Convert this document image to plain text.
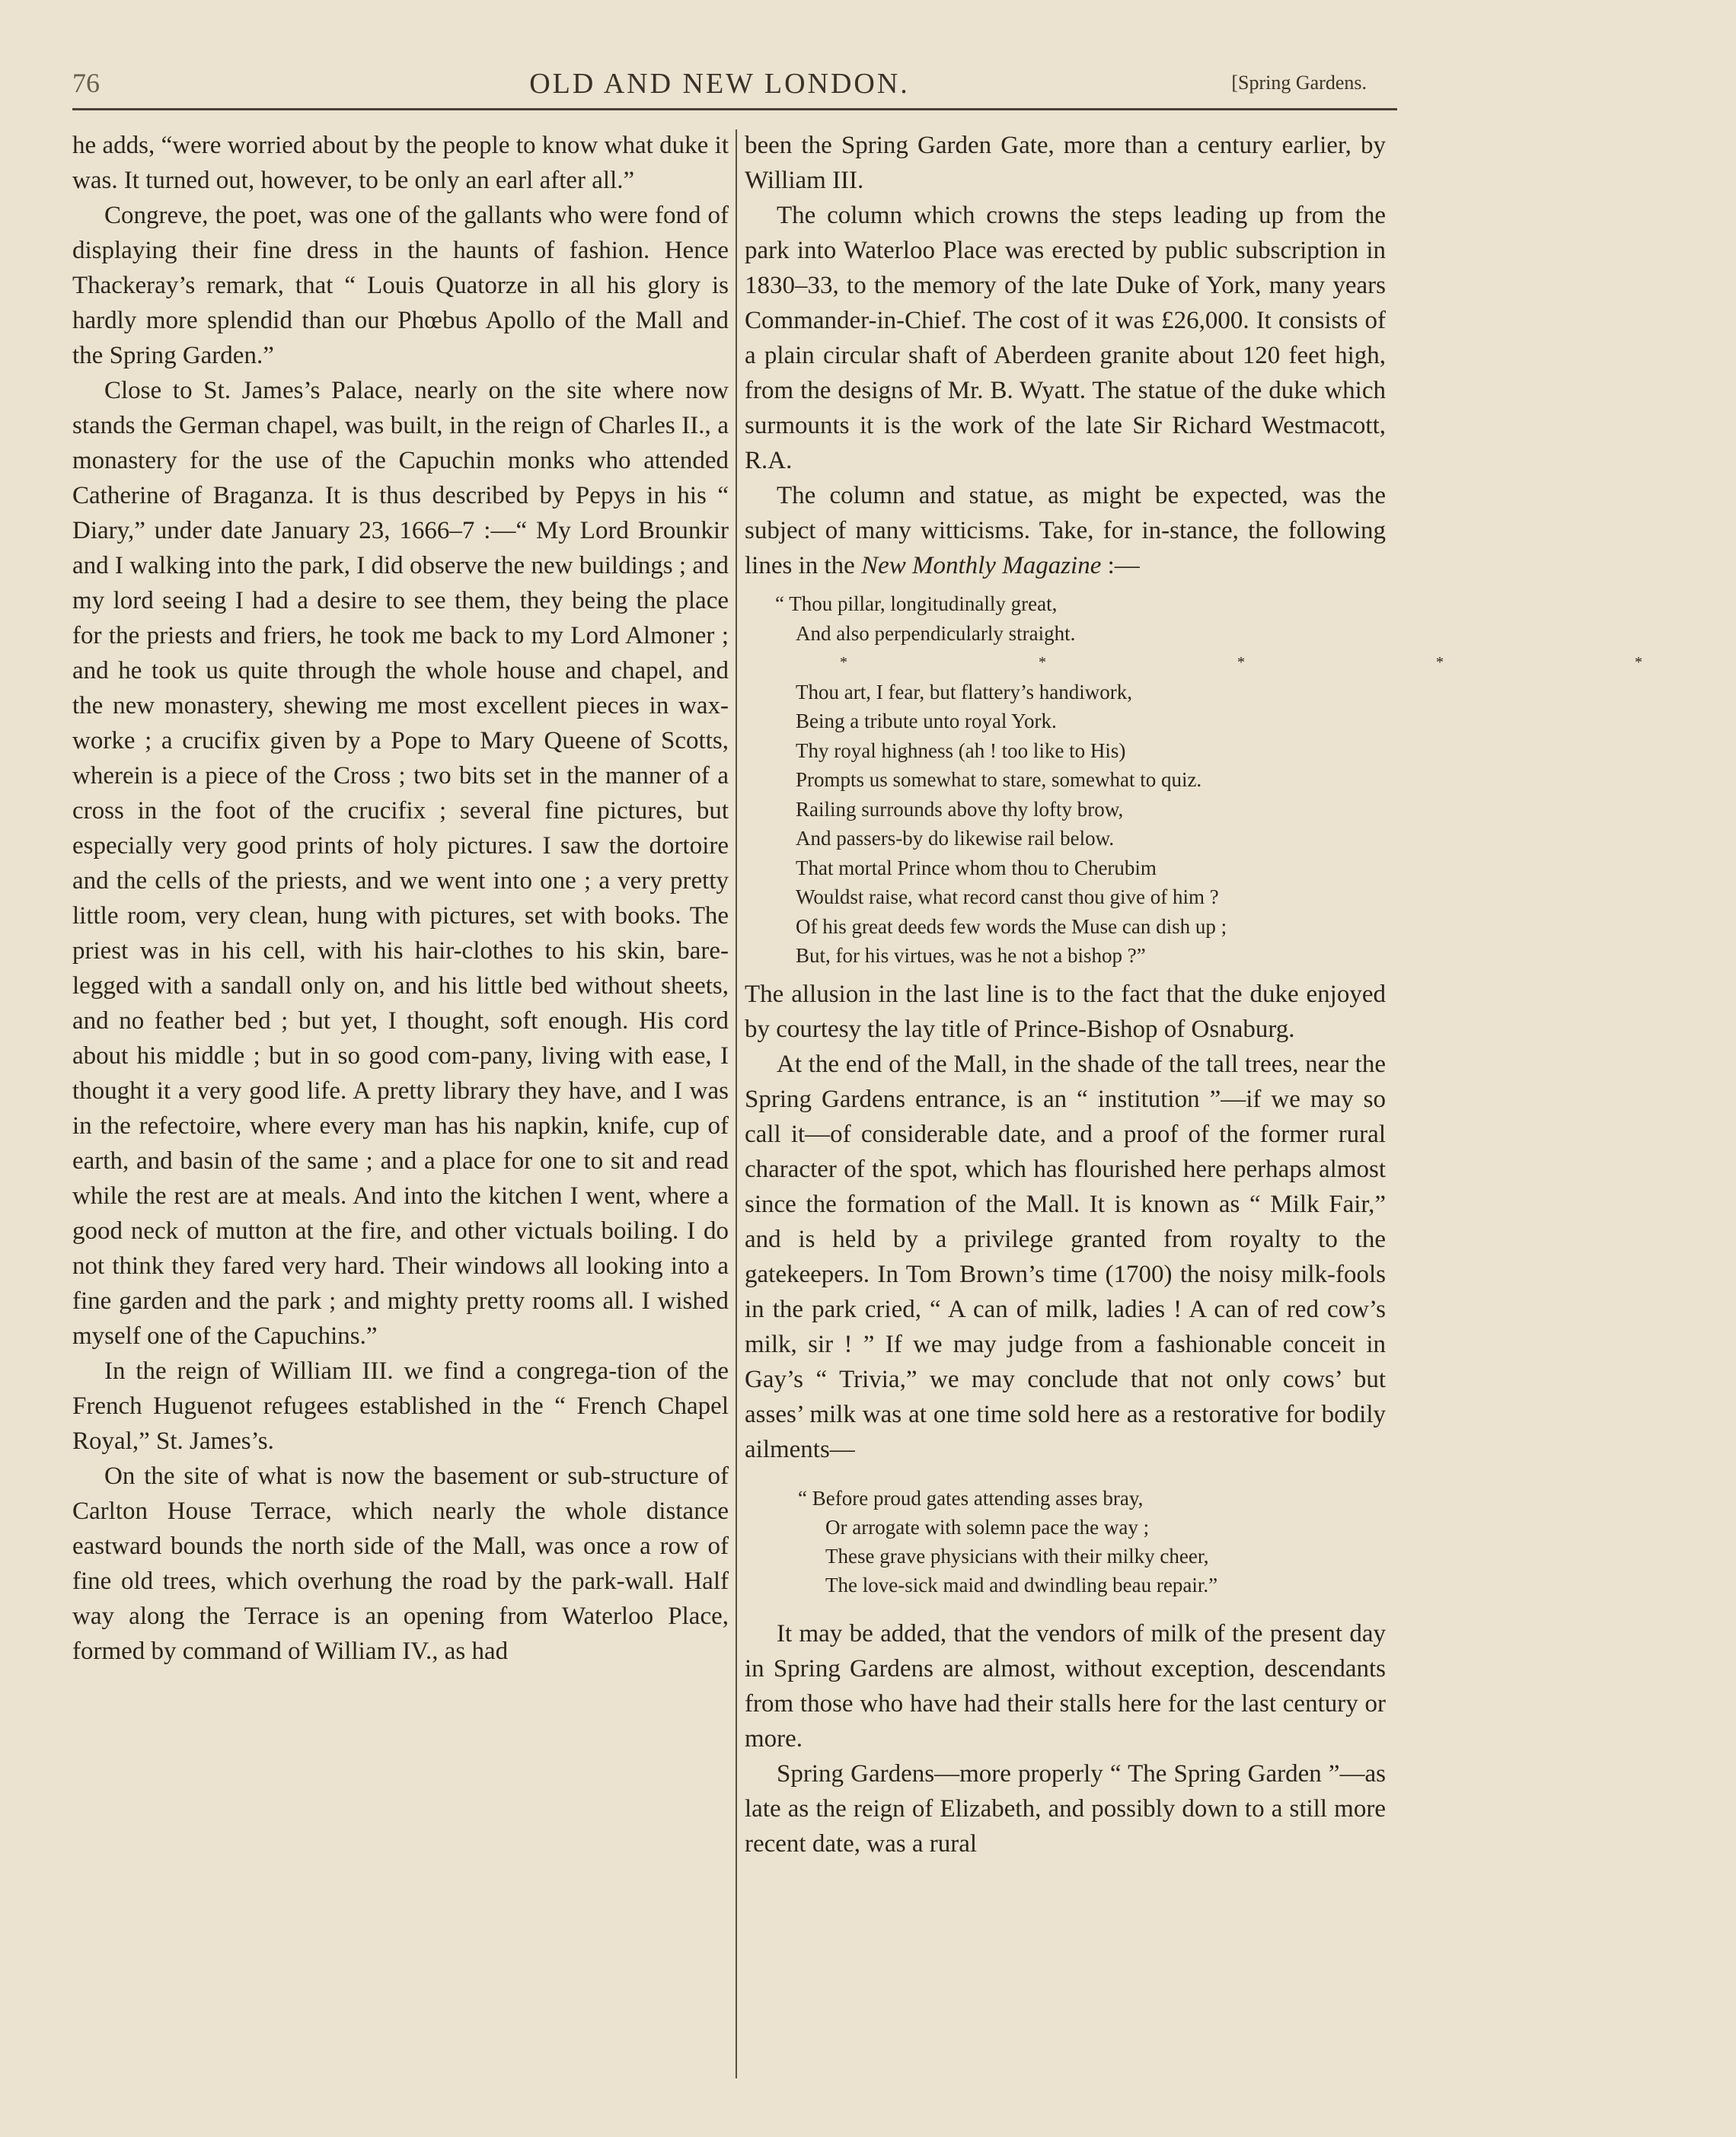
76	OLD AND NEW LONDON.	[Spring Gardens.

he adds, “were worried about by the people to know what duke it was. It turned out, however, to be only an earl after all.”

Congreve, the poet, was one of the gallants who were fond of displaying their fine dress in the haunts of fashion. Hence Thackeray’s remark, that “ Louis Quatorze in all his glory is hardly more splendid than our Phœbus Apollo of the Mall and the Spring Garden.”

Close to St. James’s Palace, nearly on the site where now stands the German chapel, was built, in the reign of Charles II., a monastery for the use of the Capuchin monks who attended Catherine of Braganza. It is thus described by Pepys in his “ Diary,” under date January 23, 1666–7 :—“ My Lord Brounkir and I walking into the park, I did observe the new buildings ; and my lord seeing I had a desire to see them, they being the place for the priests and friers, he took me back to my Lord Almoner ; and he took us quite through the whole house and chapel, and the new monastery, shewing me most excellent pieces in wax-worke ; a crucifix given by a Pope to Mary Queene of Scotts, wherein is a piece of the Cross ; two bits set in the manner of a cross in the foot of the crucifix ; several fine pictures, but especially very good prints of holy pictures. I saw the dortoire and the cells of the priests, and we went into one ; a very pretty little room, very clean, hung with pictures, set with books. The priest was in his cell, with his hair-clothes to his skin, bare-legged with a sandall only on, and his little bed without sheets, and no feather bed ; but yet, I thought, soft enough. His cord about his middle ; but in so good com-pany, living with ease, I thought it a very good life. A pretty library they have, and I was in the refectoire, where every man has his napkin, knife, cup of earth, and basin of the same ; and a place for one to sit and read while the rest are at meals. And into the kitchen I went, where a good neck of mutton at the fire, and other victuals boiling. I do not think they fared very hard. Their windows all looking into a fine garden and the park ; and mighty pretty rooms all. I wished myself one of the Capuchins.”

In the reign of William III. we find a congrega-tion of the French Huguenot refugees established in the “ French Chapel Royal,” St. James’s.

On the site of what is now the basement or sub-structure of Carlton House Terrace, which nearly the whole distance eastward bounds the north side of the Mall, was once a row of fine old trees, which overhung the road by the park-wall. Half way along the Terrace is an opening from Waterloo Place, formed by command of William IV., as had

been the Spring Garden Gate, more than a century earlier, by William III.

The column which crowns the steps leading up from the park into Waterloo Place was erected by public subscription in 1830–33, to the memory of the late Duke of York, many years Commander-in-Chief. The cost of it was £26,000. It consists of a plain circular shaft of Aberdeen granite about 120 feet high, from the designs of Mr. B. Wyatt. The statue of the duke which surmounts it is the work of the late Sir Richard Westmacott, R.A.

The column and statue, as might be expected, was the subject of many witticisms. Take, for in-stance, the following lines in the New Monthly Magazine :—

“ Thou pillar, longitudinally great,
And also perpendicularly straight.
* * * * *
Thou art, I fear, but flattery’s handiwork,
Being a tribute unto royal York.
Thy royal highness (ah ! too like to His)
Prompts us somewhat to stare, somewhat to quiz.
Railing surrounds above thy lofty brow,
And passers-by do likewise rail below.
That mortal Prince whom thou to Cherubim
Wouldst raise, what record canst thou give of him ?
Of his great deeds few words the Muse can dish up ;
But, for his virtues, was he not a bishop ?”

The allusion in the last line is to the fact that the duke enjoyed by courtesy the lay title of Prince-Bishop of Osnaburg.

At the end of the Mall, in the shade of the tall trees, near the Spring Gardens entrance, is an “ institution ”—if we may so call it—of considerable date, and a proof of the former rural character of the spot, which has flourished here perhaps almost since the formation of the Mall. It is known as “ Milk Fair,” and is held by a privilege granted from royalty to the gatekeepers. In Tom Brown’s time (1700) the noisy milk-fools in the park cried, “ A can of milk, ladies ! A can of red cow’s milk, sir ! ” If we may judge from a fashionable conceit in Gay’s “ Trivia,” we may conclude that not only cows’ but asses’ milk was at one time sold here as a restorative for bodily ailments—

“ Before proud gates attending asses bray,
Or arrogate with solemn pace the way ;
These grave physicians with their milky cheer,
The love-sick maid and dwindling beau repair.”

It may be added, that the vendors of milk of the present day in Spring Gardens are almost, without exception, descendants from those who have had their stalls here for the last century or more.

Spring Gardens—more properly “ The Spring Garden ”—as late as the reign of Elizabeth, and possibly down to a still more recent date, was a rural
